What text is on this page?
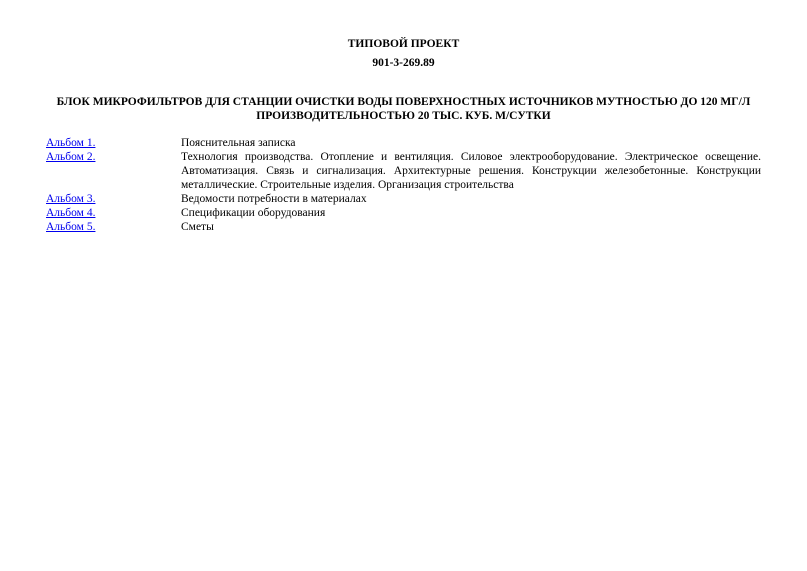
ТИПОВОЙ ПРОЕКТ
901-3-269.89
БЛОК МИКРОФИЛЬТРОВ ДЛЯ СТАНЦИИ ОЧИСТКИ ВОДЫ ПОВЕРХНОСТНЫХ ИСТОЧНИКОВ МУТНОСТЬЮ ДО 120 МГ/Л
ПРОИЗВОДИТЕЛЬНОСТЬЮ 20 ТЫС. КУБ. М/СУТКИ
Альбом 1.	Пояснительная записка
Альбом 2.	Технология производства. Отопление и вентиляция. Силовое электрооборудование. Электрическое освещение. Автоматизация. Связь и сигнализация. Архитектурные решения. Конструкции железобетонные. Конструкции металлические. Строительные изделия. Организация строительства
Альбом 3.	Ведомости потребности в материалах
Альбом 4.	Спецификации оборудования
Альбом 5.	Сметы
